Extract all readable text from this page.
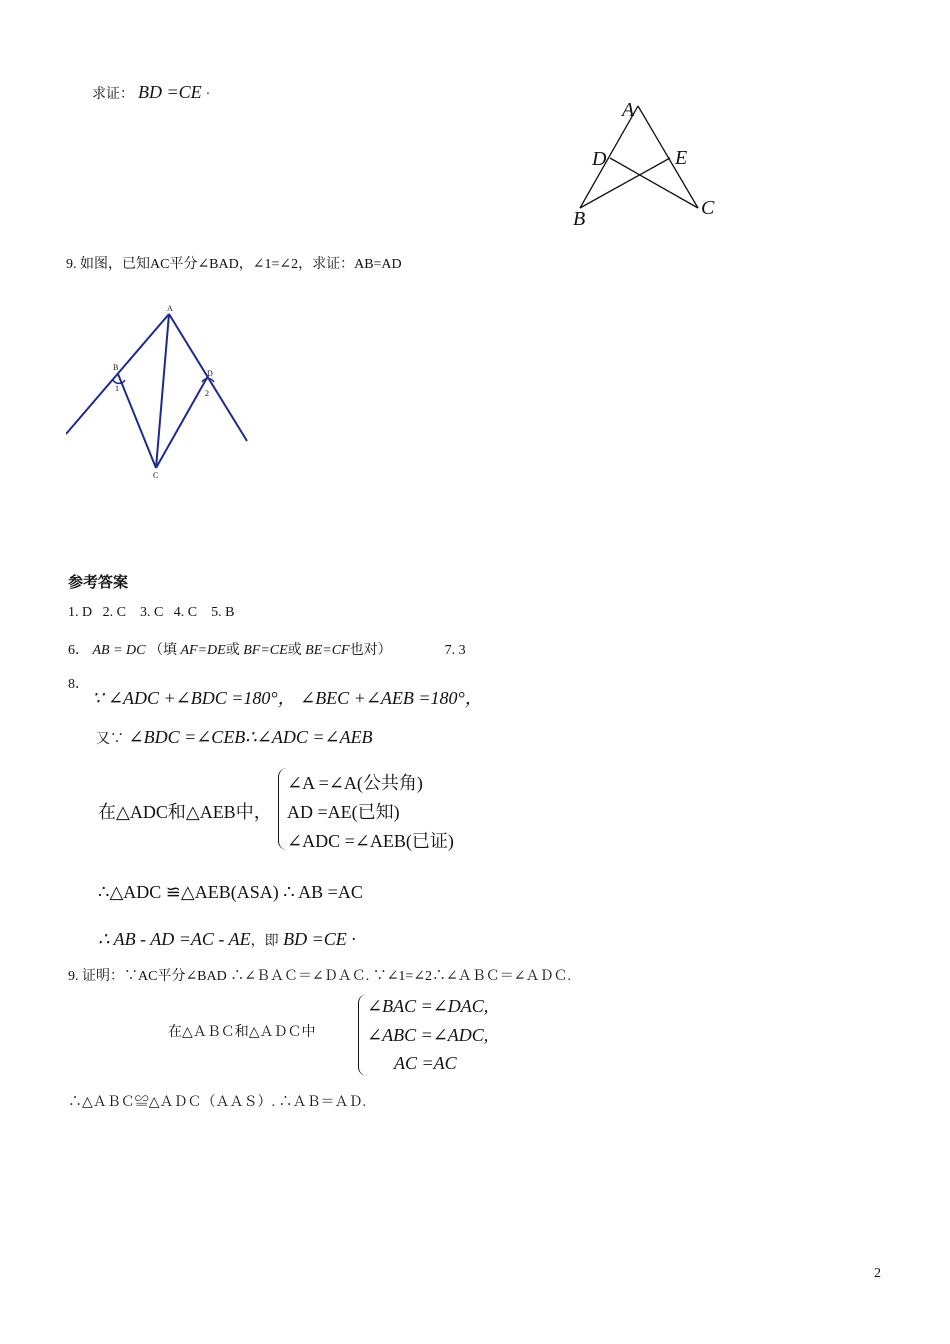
求证： BD =CE ·
A
D	E
B	C
9. 如图，已知AC平分∠BAD，∠1=∠2，求证：AB=AD
A
B
D
C
1
2
参考答案
1. D   2. C    3. C   4. C    5. B
6． AB = DC （填 AF=DE或 BF=CE或 BE=CF也对）	7. 3
8．
∵ ∠ADC +∠BDC =180°， ∠BEC +∠AEB =180°，
又∵ ∠BDC =∠CEB∴∠ADC =∠AEB
在△ADC和△AEB中，
∠A =∠A(公共角)
AD =AE(已知)
∠ADC =∠AEB(已证)
∴△ADC ≌△AEB(ASA) ∴ AB =AC
∴ AB - AD =AC - AE，即 BD =CE ·
9. 证明：∵AC平分∠BAD ∴∠ＢＡＣ＝∠ＤＡＣ. ∵∠1=∠2∴∠ＡＢＣ＝∠ＡＤＣ.
在△ＡＢＣ和△ＡＤＣ中
∠BAC =∠DAC,
∠ABC =∠ADC,
AC =AC
∴△ＡＢＣ≌△ＡＤＣ（ＡＡＳ）. ∴ＡＢ＝ＡＤ.
2
